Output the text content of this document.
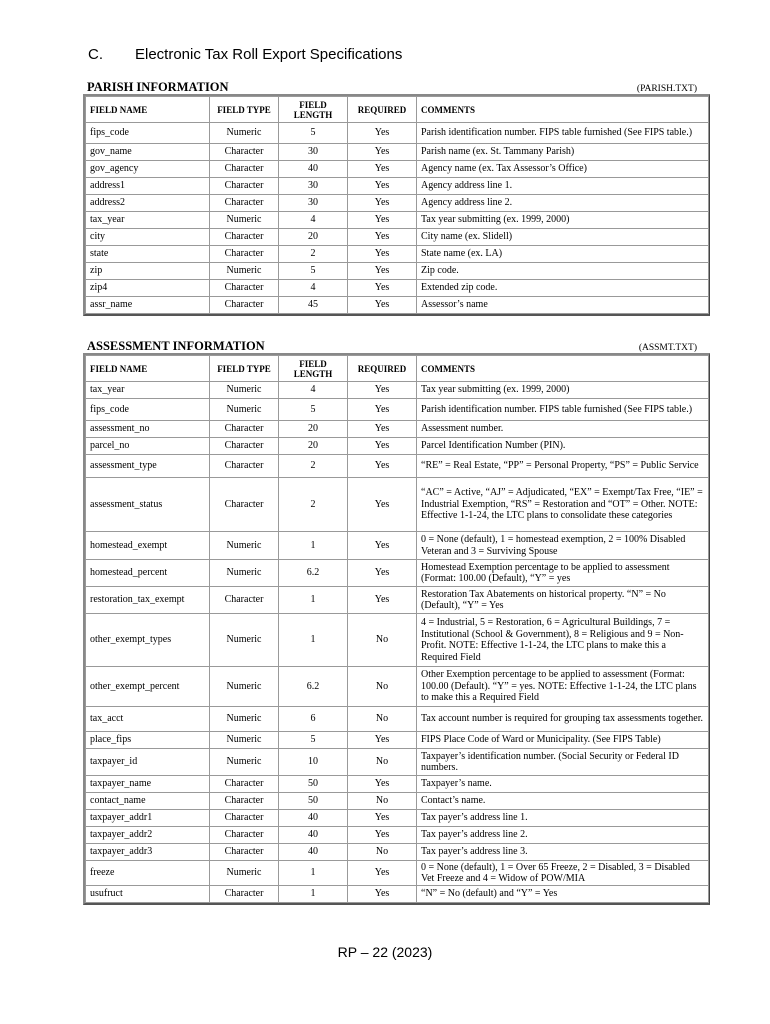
C. Electronic Tax Roll Export Specifications
PARISH INFORMATION	(PARISH.TXT)
FIELD NAME	FIELD TYPE	FIELD LENGTH	REQUIRED	COMMENTS
fips_code	Numeric	5	Yes	Parish identification number. FIPS table furnished (See FIPS table.)
gov_name	Character	30	Yes	Parish name (ex. St. Tammany Parish)
gov_agency	Character	40	Yes	Agency name (ex. Tax Assessor’s Office)
address1	Character	30	Yes	Agency address line 1.
address2	Character	30	Yes	Agency address line 2.
tax_year	Numeric	4	Yes	Tax year submitting (ex. 1999, 2000)
city	Character	20	Yes	City name (ex. Slidell)
state	Character	2	Yes	State name (ex. LA)
zip	Numeric	5	Yes	Zip code.
zip4	Character	4	Yes	Extended zip code.
assr_name	Character	45	Yes	Assessor’s name
ASSESSMENT INFORMATION	(ASSMT.TXT)
FIELD NAME	FIELD TYPE	FIELD LENGTH	REQUIRED	COMMENTS
tax_year	Numeric	4	Yes	Tax year submitting (ex. 1999, 2000)
fips_code	Numeric	5	Yes	Parish identification number. FIPS table furnished (See FIPS table.)
assessment_no	Character	20	Yes	Assessment number.
parcel_no	Character	20	Yes	Parcel Identification Number (PIN).
assessment_type	Character	2	Yes	“RE” = Real Estate, “PP” = Personal Property, “PS” = Public Service
assessment_status	Character	2	Yes	“AC” = Active, “AJ” = Adjudicated, “EX” = Exempt/Tax Free, “IE” = Industrial Exemption, “RS” = Restoration and “OT” = Other. NOTE: Effective 1-1-24, the LTC plans to consolidate these categories
homestead_exempt	Numeric	1	Yes	0 = None (default), 1 = homestead exemption, 2 = 100% Disabled Veteran and 3 = Surviving Spouse
homestead_percent	Numeric	6.2	Yes	Homestead Exemption percentage to be applied to assessment (Format: 100.00 (Default), “Y” = yes
restoration_tax_exempt	Character	1	Yes	Restoration Tax Abatements on historical property. “N” = No (Default), “Y” = Yes
other_exempt_types	Numeric	1	No	4 = Industrial, 5 = Restoration, 6 = Agricultural Buildings, 7 = Institutional (School & Government), 8 = Religious and 9 = Non-Profit. NOTE: Effective 1-1-24, the LTC plans to make this a Required Field
other_exempt_percent	Numeric	6.2	No	Other Exemption percentage to be applied to assessment (Format: 100.00 (Default). “Y” = yes. NOTE: Effective 1-1-24, the LTC plans to make this a Required Field
tax_acct	Numeric	6	No	Tax account number is required for grouping tax assessments together.
place_fips	Numeric	5	Yes	FIPS Place Code of Ward or Municipality. (See FIPS Table)
taxpayer_id	Numeric	10	No	Taxpayer’s identification number. (Social Security or Federal ID numbers.
taxpayer_name	Character	50	Yes	Taxpayer’s name.
contact_name	Character	50	No	Contact’s name.
taxpayer_addr1	Character	40	Yes	Tax payer’s address line 1.
taxpayer_addr2	Character	40	Yes	Tax payer’s address line 2.
taxpayer_addr3	Character	40	No	Tax payer’s address line 3.
freeze	Numeric	1	Yes	0 = None (default), 1 = Over 65 Freeze, 2 = Disabled, 3 = Disabled Vet Freeze and 4 = Widow of POW/MIA
usufruct	Character	1	Yes	“N” = No (default) and “Y” = Yes
RP – 22 (2023)
